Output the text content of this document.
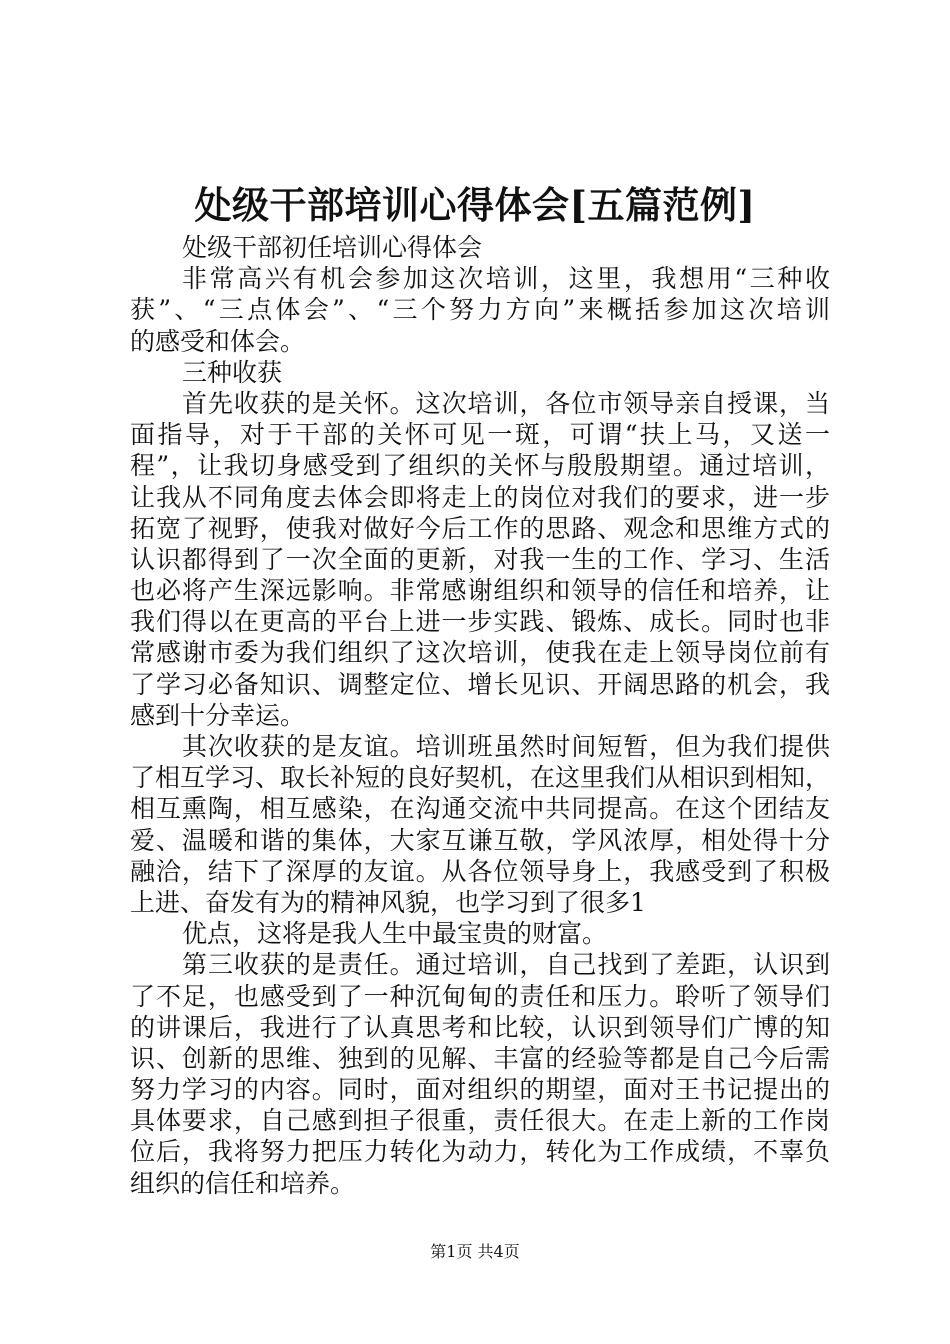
处级干部培训心得体会[五篇范例]
处级干部初任培训心得体会
非常高兴有机会参加这次培训，这里，我想用“三种收
获”、“三点体会”、“三个努力方向”来概括参加这次培训
的感受和体会。
三种收获
首先收获的是关怀。这次培训，各位市领导亲自授课，当
面指导，对于干部的关怀可见一斑，可谓“扶上马，又送一
程”，让我切身感受到了组织的关怀与殷殷期望。通过培训，
让我从不同角度去体会即将走上的岗位对我们的要求，进一步
拓宽了视野，使我对做好今后工作的思路、观念和思维方式的
认识都得到了一次全面的更新，对我一生的工作、学习、生活
也必将产生深远影响。非常感谢组织和领导的信任和培养，让
我们得以在更高的平台上进一步实践、锻炼、成长。同时也非
常感谢市委为我们组织了这次培训，使我在走上领导岗位前有
了学习必备知识、调整定位、增长见识、开阔思路的机会，我
感到十分幸运。
其次收获的是友谊。培训班虽然时间短暂，但为我们提供
了相互学习、取长补短的良好契机，在这里我们从相识到相知，
相互熏陶，相互感染，在沟通交流中共同提高。在这个团结友
爱、温暖和谐的集体，大家互谦互敬，学风浓厚，相处得十分
融洽，结下了深厚的友谊。从各位领导身上，我感受到了积极
上进、奋发有为的精神风貌，也学习到了很多1
优点，这将是我人生中最宝贵的财富。
第三收获的是责任。通过培训，自己找到了差距，认识到
了不足，也感受到了一种沉甸甸的责任和压力。聆听了领导们
的讲课后，我进行了认真思考和比较，认识到领导们广博的知
识、创新的思维、独到的见解、丰富的经验等都是自己今后需
努力学习的内容。同时，面对组织的期望，面对王书记提出的
具体要求，自己感到担子很重，责任很大。在走上新的工作岗
位后，我将努力把压力转化为动力，转化为工作成绩，不辜负
组织的信任和培养。
第1页 共4页
